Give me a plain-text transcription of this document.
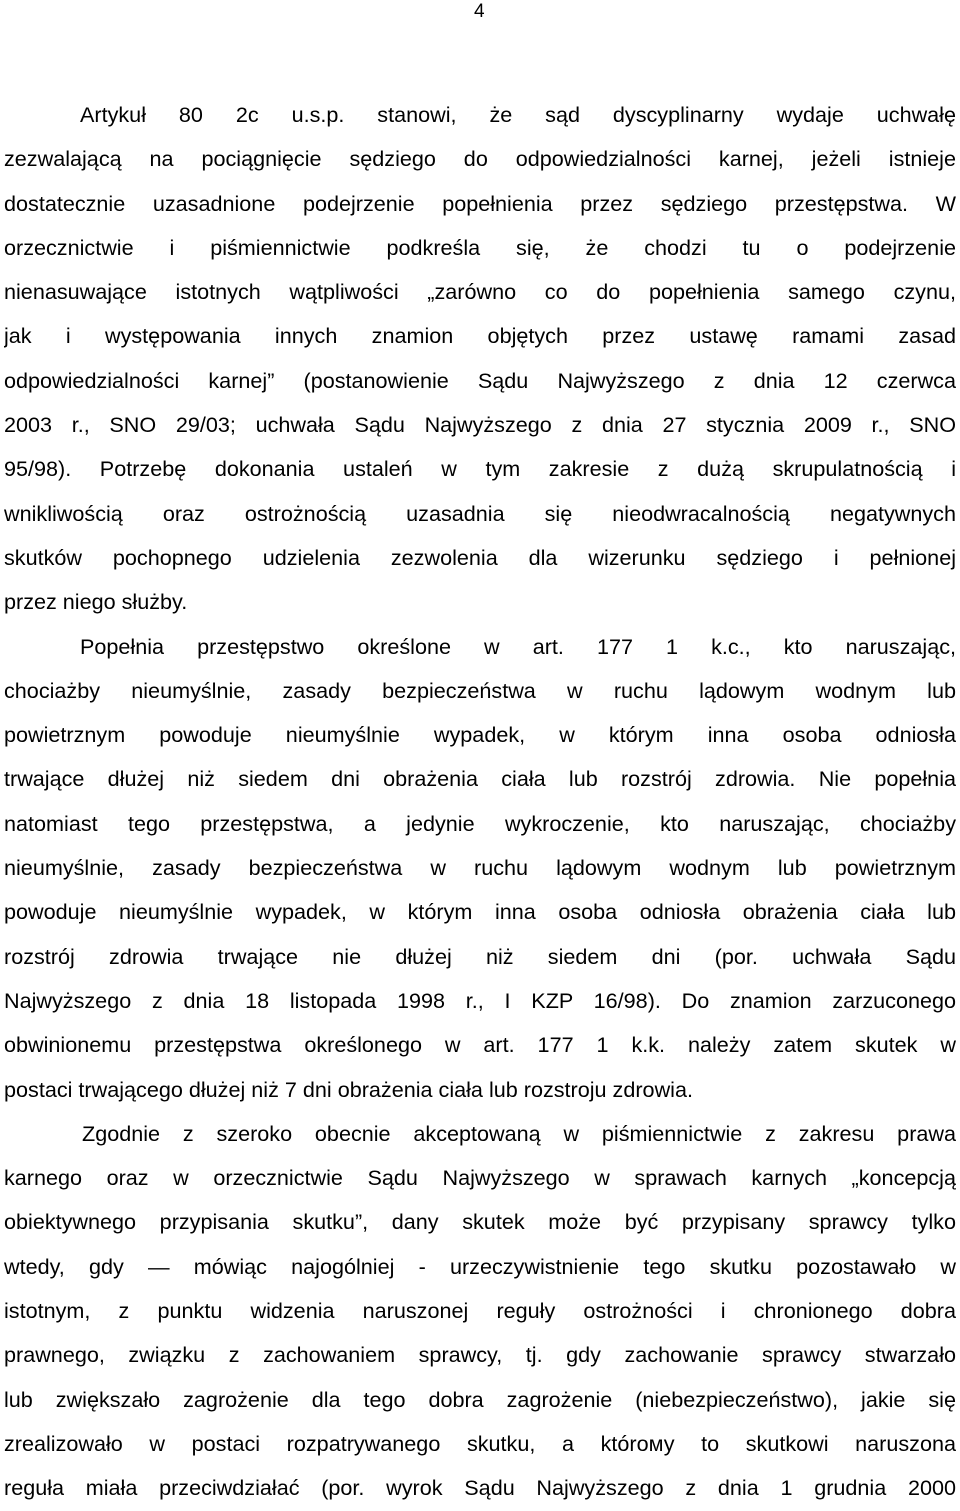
4
Artykuł 80 2c u.s.p. stanowi, że sąd dyscyplinarny wydaje uchwałę
zezwalającą na pociągnięcie sędziego do odpowiedzialności karnej, jeżeli istnieje
dostatecznie uzasadnione podejrzenie popełnienia przez sędziego przestępstwa. W
orzecznictwie i piśmiennictwie podkreśla się, że chodzi tu o podejrzenie
nienasuwające istotnych wątpliwości „zarówno co do popełnienia samego czynu,
jak i występowania innych znamion objętych przez ustawę ramami zasad
odpowiedzialności karnej” (postanowienie Sądu Najwyższego z dnia 12 czerwca
2003 r., SNO 29/03; uchwała Sądu Najwyższego z dnia 27 stycznia 2009 r., SNO
95/98). Potrzebę dokonania ustaleń w tym zakresie z dużą skrupulatnością i
wnikliwością oraz ostrożnością uzasadnia się nieodwracalnością negatywnych
skutków pochopnego udzielenia zezwolenia dla wizerunku sędziego i pełnionej
przez niego służby.
Popełnia przestępstwo określone w art. 177 1 k.c., kto naruszając,
chociażby nieumyślnie, zasady bezpieczeństwa w ruchu lądowym wodnym lub
powietrznym powoduje nieumyślnie wypadek, w którym inna osoba odniosła
trwające dłużej niż siedem dni obrażenia ciała lub rozstrój zdrowia. Nie popełnia
natomiast tego przestępstwa, a jedynie wykroczenie, kto naruszając, chociażby
nieumyślnie, zasady bezpieczeństwa w ruchu lądowym wodnym lub powietrznym
powoduje nieumyślnie wypadek, w którym inna osoba odniosła obrażenia ciała lub
rozstrój zdrowia trwające nie dłużej niż siedem dni (por. uchwała Sądu
Najwyższego z dnia 18 listopada 1998 r., I KZP 16/98). Do znamion zarzuconego
obwinionemu przestępstwa określonego w art. 177 1 k.k. należy zatem skutek w
postaci trwającego dłużej niż 7 dni obrażenia ciała lub rozstroju zdrowia.
Zgodnie z szeroko obecnie akceptowaną w piśmiennictwie z zakresu prawa
karnego oraz w orzecznictwie Sądu Najwyższego w sprawach karnych „koncepcją
obiektywnego przypisania skutku”, dany skutek może być przypisany sprawcy tylko
wtedy, gdy — mówiąc najogólniej - urzeczywistnienie tego skutku pozostawało w
istotnym, z punktu widzenia naruszonej reguły ostrożności i chronionego dobra
prawnego, związku z zachowaniem sprawcy, tj. gdy zachowanie sprawcy stwarzało
lub zwiększało zagrożenie dla tego dobra zagrożenie (niebezpieczeństwo), jakie się
zrealizowało w postaci rozpatrywanego skutku, a którому to skutkowi naruszona
reguła miała przeciwdziałać (por. wyrok Sądu Najwyższego z dnia 1 grudnia 2000
